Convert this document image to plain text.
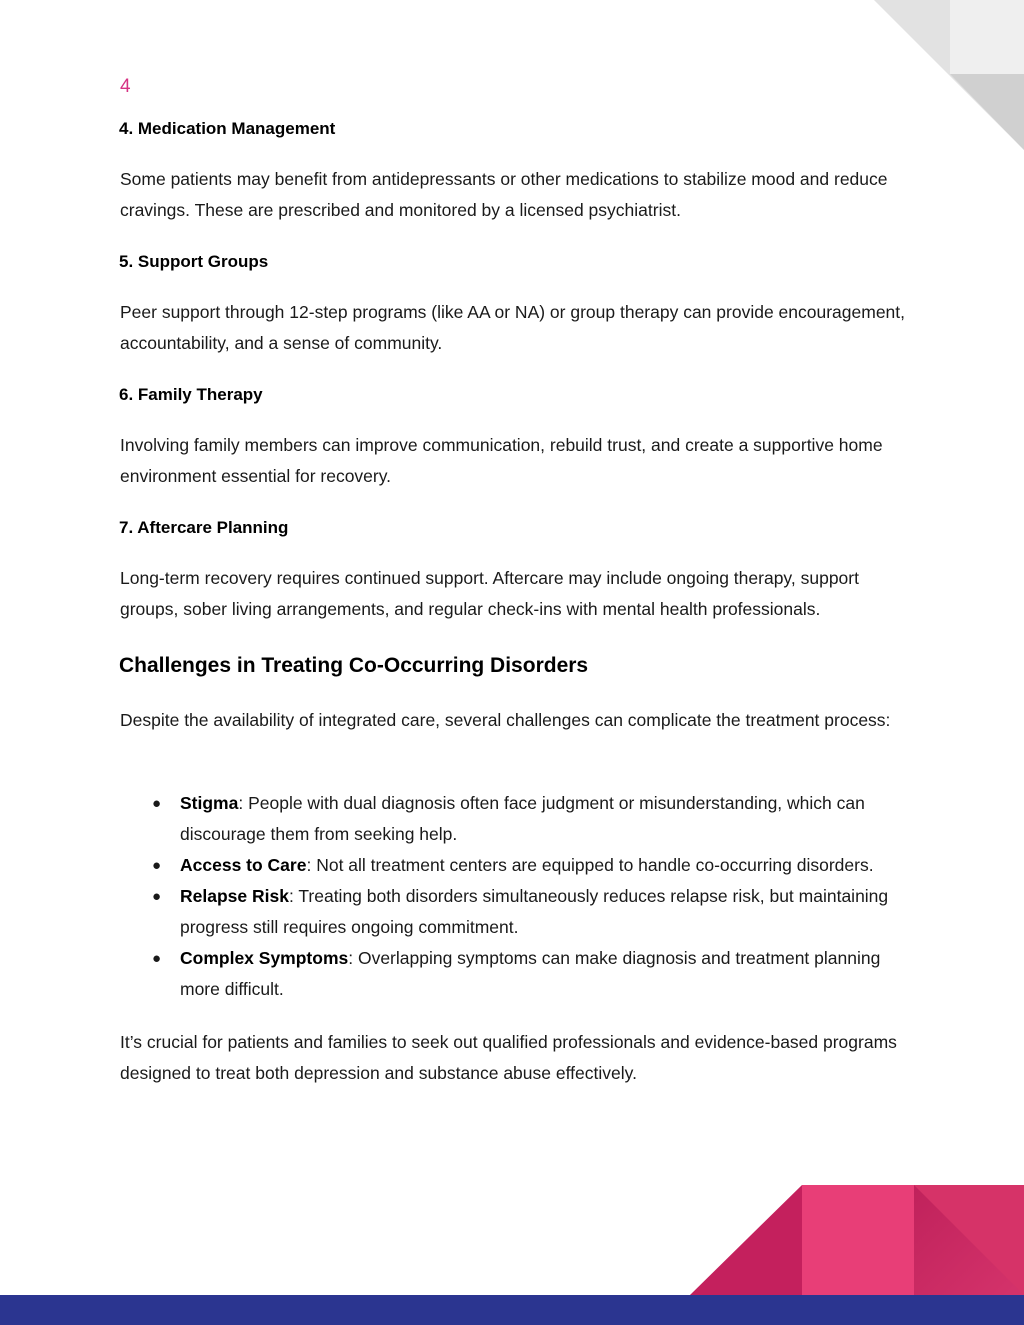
4
4. Medication Management
Some patients may benefit from antidepressants or other medications to stabilize mood and reduce cravings. These are prescribed and monitored by a licensed psychiatrist.
5. Support Groups
Peer support through 12-step programs (like AA or NA) or group therapy can provide encouragement, accountability, and a sense of community.
6. Family Therapy
Involving family members can improve communication, rebuild trust, and create a supportive home environment essential for recovery.
7. Aftercare Planning
Long-term recovery requires continued support. Aftercare may include ongoing therapy, support groups, sober living arrangements, and regular check-ins with mental health professionals.
Challenges in Treating Co-Occurring Disorders
Despite the availability of integrated care, several challenges can complicate the treatment process:
● Stigma: People with dual diagnosis often face judgment or misunderstanding, which can discourage them from seeking help.
● Access to Care: Not all treatment centers are equipped to handle co-occurring disorders.
● Relapse Risk: Treating both disorders simultaneously reduces relapse risk, but maintaining progress still requires ongoing commitment.
● Complex Symptoms: Overlapping symptoms can make diagnosis and treatment planning more difficult.
It’s crucial for patients and families to seek out qualified professionals and evidence-based programs designed to treat both depression and substance abuse effectively.
